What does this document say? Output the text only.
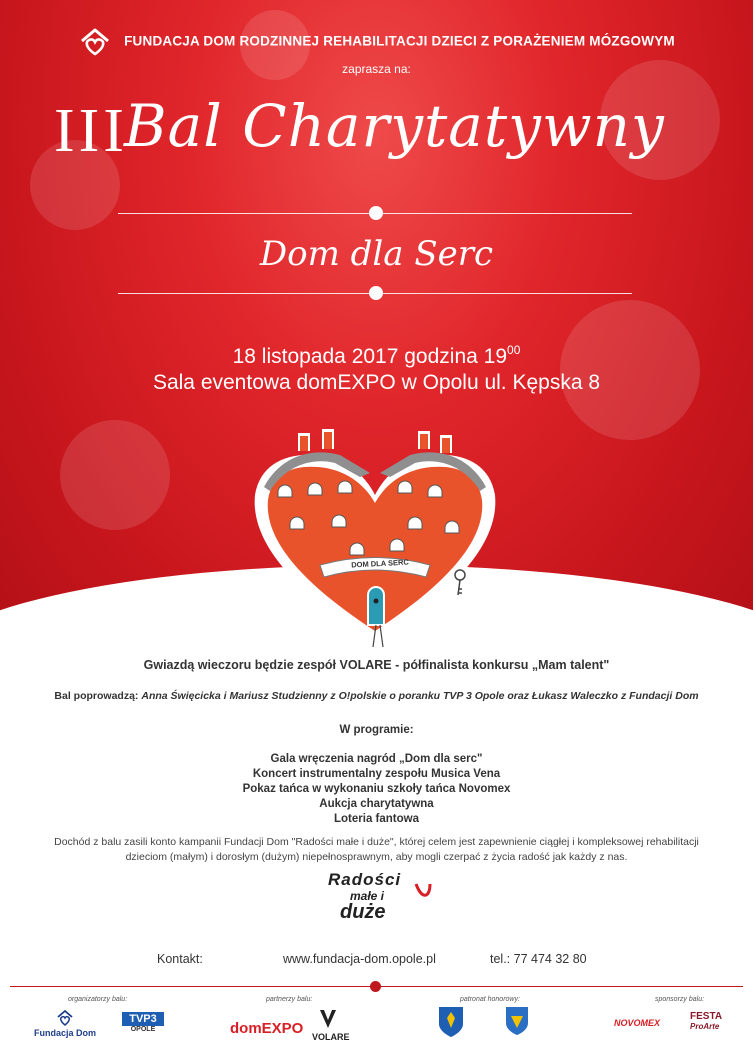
FUNDACJA DOM RODZINNEJ REHABILITACJI DZIECI Z PORAŻENIEM MÓZGOWYM
zaprasza na:
III
Bal Charytatywny
Dom dla Serc
18 listopada 2017 godzina $19^{00}$
Sala eventowa domEXPO w Opolu ul. Kępska 8
DOM DLA SERC
Gwiazdą wieczoru będzie zespół VOLARE - półfinalista konkursu „Mam talent"
Bal poprowadzą: Anna Święcicka i Mariusz Studzienny z O!polskie o poranku TVP 3 Opole oraz Łukasz Waleczko z Fundacji Dom
W programie:
Gala wręczenia nagród „Dom dla serc"
Koncert instrumentalny zespołu Musica Vena
Pokaz tańca w wykonaniu szkoły tańca Novomex
Aukcja charytatywna
Loteria fantowa
Dochód z balu zasili konto kampanii Fundacji Dom "Radości małe i duże", której celem jest zapewnienie ciągłej i kompleksowej rehabilitacji dzieciom (małym) i dorosłym (dużym) niepełnosprawnym, aby mogli czerpać z życia radość jak każdy z nas.
Radości
małe i
duże
Kontakt:	www.fundacja-dom.opole.pl	tel.: 77 474 32 80
organizatorzy balu:	partnerzy balu:	patronat honorowy:	sponsorzy balu:
Fundacja Dom
TVP3
OPOLE	domEXPO VOLARE
NOVOMEX
FESTA
ProArte
